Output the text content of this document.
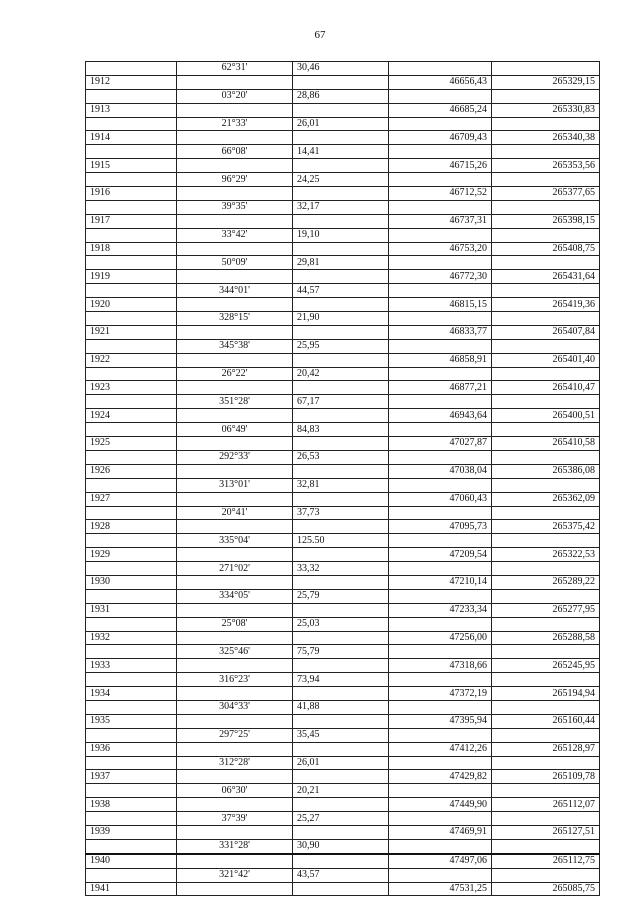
67
	62°31'	30,46		
1912			46656,43	265329,15
	03°20'	28,86		
1913			46685,24	265330,83
	21°33'	26,01		
1914			46709,43	265340,38
	66°08'	14,41		
1915			46715,26	265353,56
	96°29'	24,25		
1916			46712,52	265377,65
	39°35'	32,17		
1917			46737,31	265398,15
	33°42'	19,10		
1918			46753,20	265408,75
	50°09'	29,81		
1919			46772,30	265431,64
	344°01'	44,57		
1920			46815,15	265419,36
	328°15'	21,90		
1921			46833,77	265407,84
	345°38'	25,95		
1922			46858,91	265401,40
	26°22'	20,42		
1923			46877,21	265410,47
	351°28'	67,17		
1924			46943,64	265400,51
	06°49'	84,83		
1925			47027,87	265410,58
	292°33'	26,53		
1926			47038,04	265386,08
	313°01'	32,81		
1927			47060,43	265362,09
	20°41'	37,73		
1928			47095,73	265375,42
	335°04'	125.50		
1929			47209,54	265322,53
	271°02'	33,32		
1930			47210,14	265289,22
	334°05'	25,79		
1931			47233,34	265277,95
	25°08'	25,03		
1932			47256,00	265288,58
	325°46'	75,79		
1933			47318,66	265245,95
	316°23'	73,94		
1934			47372,19	265194,94
	304°33'	41,88		
1935			47395,94	265160,44
	297°25'	35,45		
1936			47412,26	265128,97
	312°28'	26,01		
1937			47429,82	265109,78
	06°30'	20,21		
1938			47449,90	265112,07
	37°39'	25,27		
1939			47469,91	265127,51
	331°28'	30,90		
1940			47497,06	265112,75
	321°42'	43,57		
1941			47531,25	265085,75
